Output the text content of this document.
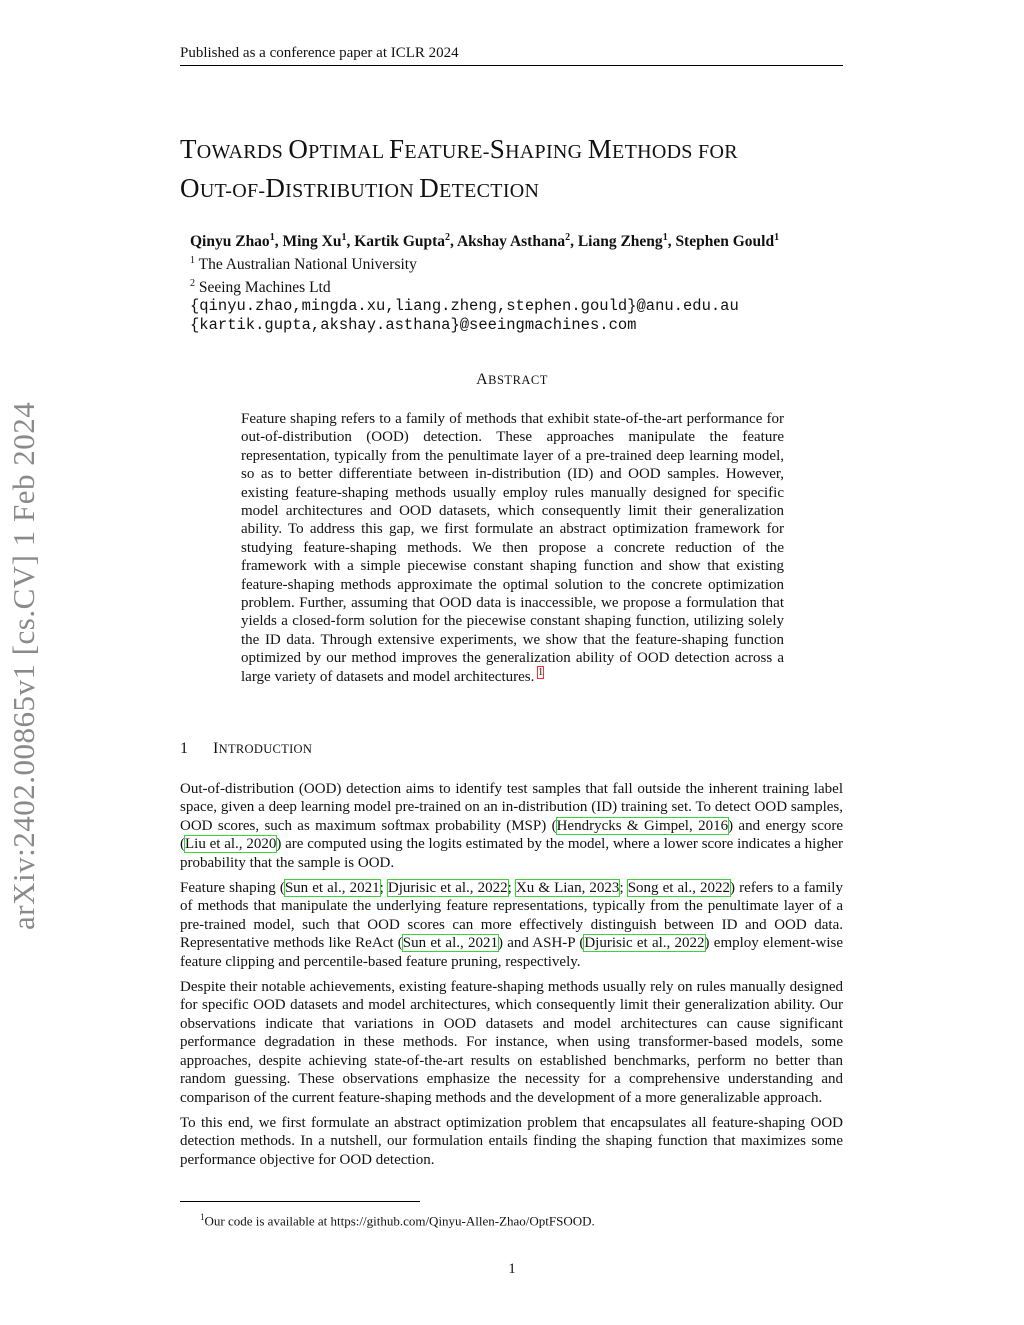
Published as a conference paper at ICLR 2024
arXiv:2402.00865v1 [cs.CV] 1 Feb 2024
TOWARDS OPTIMAL FEATURE-SHAPING METHODS FOR
OUT-OF-DISTRIBUTION DETECTION
Qinyu Zhao$^1$, Ming Xu$^1$, Kartik Gupta$^2$, Akshay Asthana$^2$, Liang Zheng$^1$, Stephen Gould$^1$
$^1$ The Australian National University
$^2$ Seeing Machines Ltd
{qinyu.zhao,mingda.xu,liang.zheng,stephen.gould}@anu.edu.au
{kartik.gupta,akshay.asthana}@seeingmachines.com
ABSTRACT
Feature shaping refers to a family of methods that exhibit state-of-the-art performance for out-of-distribution (OOD) detection. These approaches manipulate the feature representation, typically from the penultimate layer of a pre-trained deep learning model, so as to better differentiate between in-distribution (ID) and OOD samples. However, existing feature-shaping methods usually employ rules manually designed for specific model architectures and OOD datasets, which consequently limit their generalization ability. To address this gap, we first formulate an abstract optimization framework for studying feature-shaping methods. We then propose a concrete reduction of the framework with a simple piecewise constant shaping function and show that existing feature-shaping methods approximate the optimal solution to the concrete optimization problem. Further, assuming that OOD data is inaccessible, we propose a formulation that yields a closed-form solution for the piecewise constant shaping function, utilizing solely the ID data. Through extensive experiments, we show that the feature-shaping function optimized by our method improves the generalization ability of OOD detection across a large variety of datasets and model architectures. $^1$
1 INTRODUCTION

Out-of-distribution (OOD) detection aims to identify test samples that fall outside the inherent training label space, given a deep learning model pre-trained on an in-distribution (ID) training set. To detect OOD samples, OOD scores, such as maximum softmax probability (MSP) (Hendrycks & Gimpel, 2016) and energy score (Liu et al., 2020) are computed using the logits estimated by the model, where a lower score indicates a higher probability that the sample is OOD.

Feature shaping (Sun et al., 2021; Djurisic et al., 2022; Xu & Lian, 2023; Song et al., 2022) refers to a family of methods that manipulate the underlying feature representations, typically from the penultimate layer of a pre-trained model, such that OOD scores can more effectively distinguish between ID and OOD data. Representative methods like ReAct (Sun et al., 2021) and ASH-P (Djurisic et al., 2022) employ element-wise feature clipping and percentile-based feature pruning, respectively.

Despite their notable achievements, existing feature-shaping methods usually rely on rules manually designed for specific OOD datasets and model architectures, which consequently limit their generalization ability. Our observations indicate that variations in OOD datasets and model architectures can cause significant performance degradation in these methods. For instance, when using transformer-based models, some approaches, despite achieving state-of-the-art results on established benchmarks, perform no better than random guessing. These observations emphasize the necessity for a comprehensive understanding and comparison of the current feature-shaping methods and the development of a more generalizable approach.

To this end, we first formulate an abstract optimization problem that encapsulates all feature-shaping OOD detection methods. In a nutshell, our formulation entails finding the shaping function that maximizes some performance objective for OOD detection.

$^1$Our code is available at https://github.com/Qinyu-Allen-Zhao/OptFSOOD.
1
